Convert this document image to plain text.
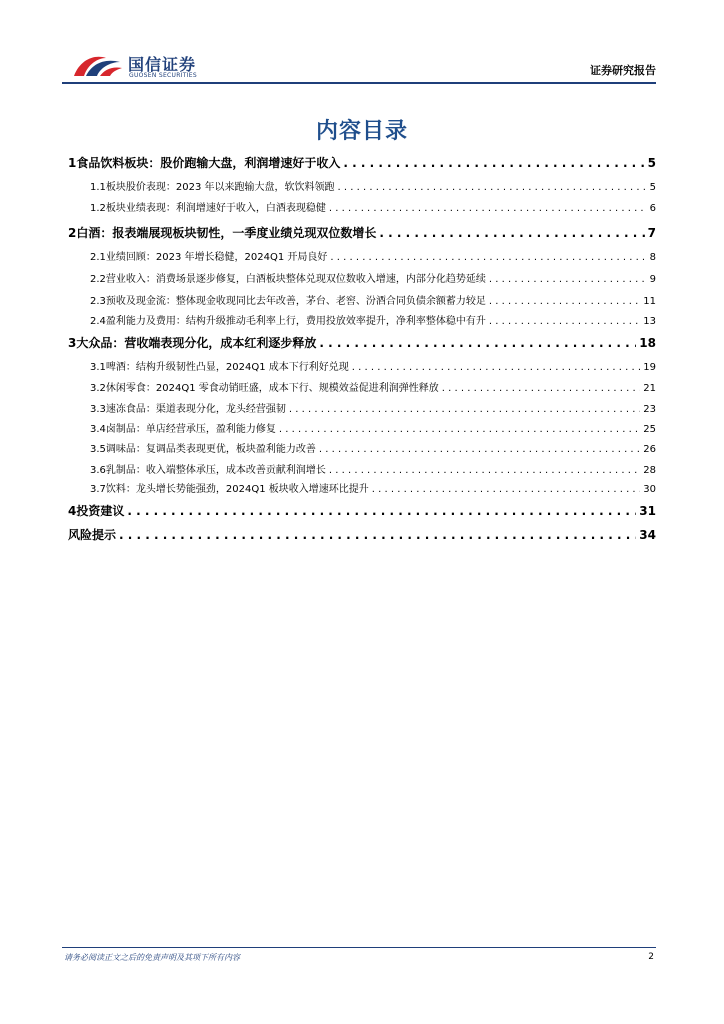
国信证券
GUOSEN SECURITIES	证券研究报告
内容目录
1 食品饮料板块：股价跑输大盘，利润增速好于收入 . . .	5
1.1 板块股价表现：2023 年以来跑输大盘，软饮料领跑 . . .	5
1.2 板块业绩表现：利润增速好于收入，白酒表现稳健 . . .	6
2 白酒：报表端展现板块韧性，一季度业绩兑现双位数增长 . . .	7
2.1 业绩回顾：2023 年增长稳健，2024Q1 开局良好 . . .	8
2.2 营业收入：消费场景逐步修复，白酒板块整体兑现双位数收入增速，内部分化趋势延续 . . .	9
2.3 预收及现金流：整体现金收现同比去年改善，茅台、老窖、汾酒合同负债余额蓄力较足 . . .	11
2.4 盈利能力及费用：结构升级推动毛利率上行，费用投放效率提升，净利率整体稳中有升 . . .	13
3 大众品：营收端表现分化，成本红利逐步释放 . . .	18
3.1 啤酒：结构升级韧性凸显，2024Q1 成本下行利好兑现 . . .	19
3.2 休闲零食：2024Q1 零食动销旺盛，成本下行、规模效益促进利润弹性释放 . . .	21
3.3 速冻食品：渠道表现分化，龙头经营强韧 . . .	23
3.4 卤制品：单店经营承压，盈利能力修复 . . .	25
3.5 调味品：复调品类表现更优，板块盈利能力改善 . . .	26
3.6 乳制品：收入端整体承压，成本改善贡献利润增长 . . .	28
3.7 饮料：龙头增长势能强劲，2024Q1 板块收入增速环比提升 . . .	30
4 投资建议 . . .	31
风险提示 . . .	34
请务必阅读正文之后的免责声明及其项下所有内容	2
